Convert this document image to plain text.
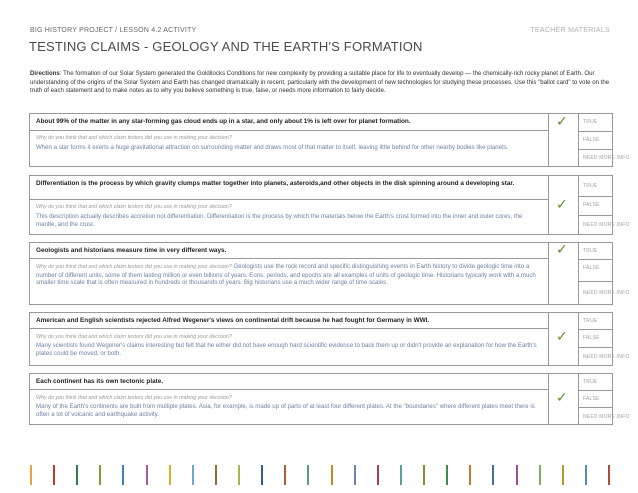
BIG HISTORY PROJECT / LESSON 4.2 ACTIVITY	TEACHER MATERIALS
TESTING CLAIMS - GEOLOGY AND THE EARTH'S FORMATION

Directions: The formation of our Solar System generated the Goldilocks Conditions for new complexity by providing a suitable place for life to eventually develop — the chemically-rich rocky planet of Earth. Our understanding of the origins of the Solar System and Earth has changed dramatically in recent, particularly with the development of new technologies for studying these processes. Use this "ballot card" to vote on the truth of each statement and to make notes as to why you believe something is true, false, or needs more information to fairly decide.

About 99% of the matter in any star-forming gas cloud ends up in a star, and only about 1% is left over for planet formation.
Why do you think that and which claim testers did you use in making your decision?
When a star forms it exerts a huge gravitational attraction on surrounding matter and draws most of that matter to itself, leaving little behind for other nearby bodies like planets.
✓	TRUE
FALSE
NEED MORE INFO
Differentiation is the process by which gravity clumps matter together into planets, asteroids,and other objects in the disk spinning around a developing star.
Why do you think that and which claim testers did you use in making your decision?
This description actually describes accretion not differentiation. Differentiation is the process by which the materials below the Earth's crust formed into the inner and outer cores, the mantle, and the crust.
✓
TRUE
FALSE
NEED MORE INFO
Geologists and historians measure time in very different ways.
Why do you think that and which claim testers did you use in making your decision? Geologists use the rock record and specific distinguishing events in Earth history to divide geologic time into a number of different units, some of them lasting million or even billions of years. Eons, periods, and epochs are all examples of units of geologic time. Historians typically work with a much smaller time scale that is often measured in hundreds or thousands of years. Big historians use a much wider range of time scales.
✓	TRUE
FALSE
NEED MORE INFO
American and English scientists rejected Alfred Wegener's views on continental drift because he had fought for Germany in WWI.
Why do you think that and which claim testers did you use in making your decision?
Many scientists found Wegener's claims interesting but felt that he either did not have enough hard scientific evidence to back them up or didn't provide an explanation for how the Earth's plates could be moved, or both.
✓
TRUE
FALSE
NEED MORE INFO
Each continent has its own tectonic plate.
Why do you think that and which claim testers did you use in making your decision?
Many of the Earth's continents are built from multiple plates. Asia, for example, is made up of parts of at least four different plates. At the "boundaries" where different plates meet there is often a lot of volcanic and earthquake activity.
✓
TRUE
FALSE
NEED MORE INFO
